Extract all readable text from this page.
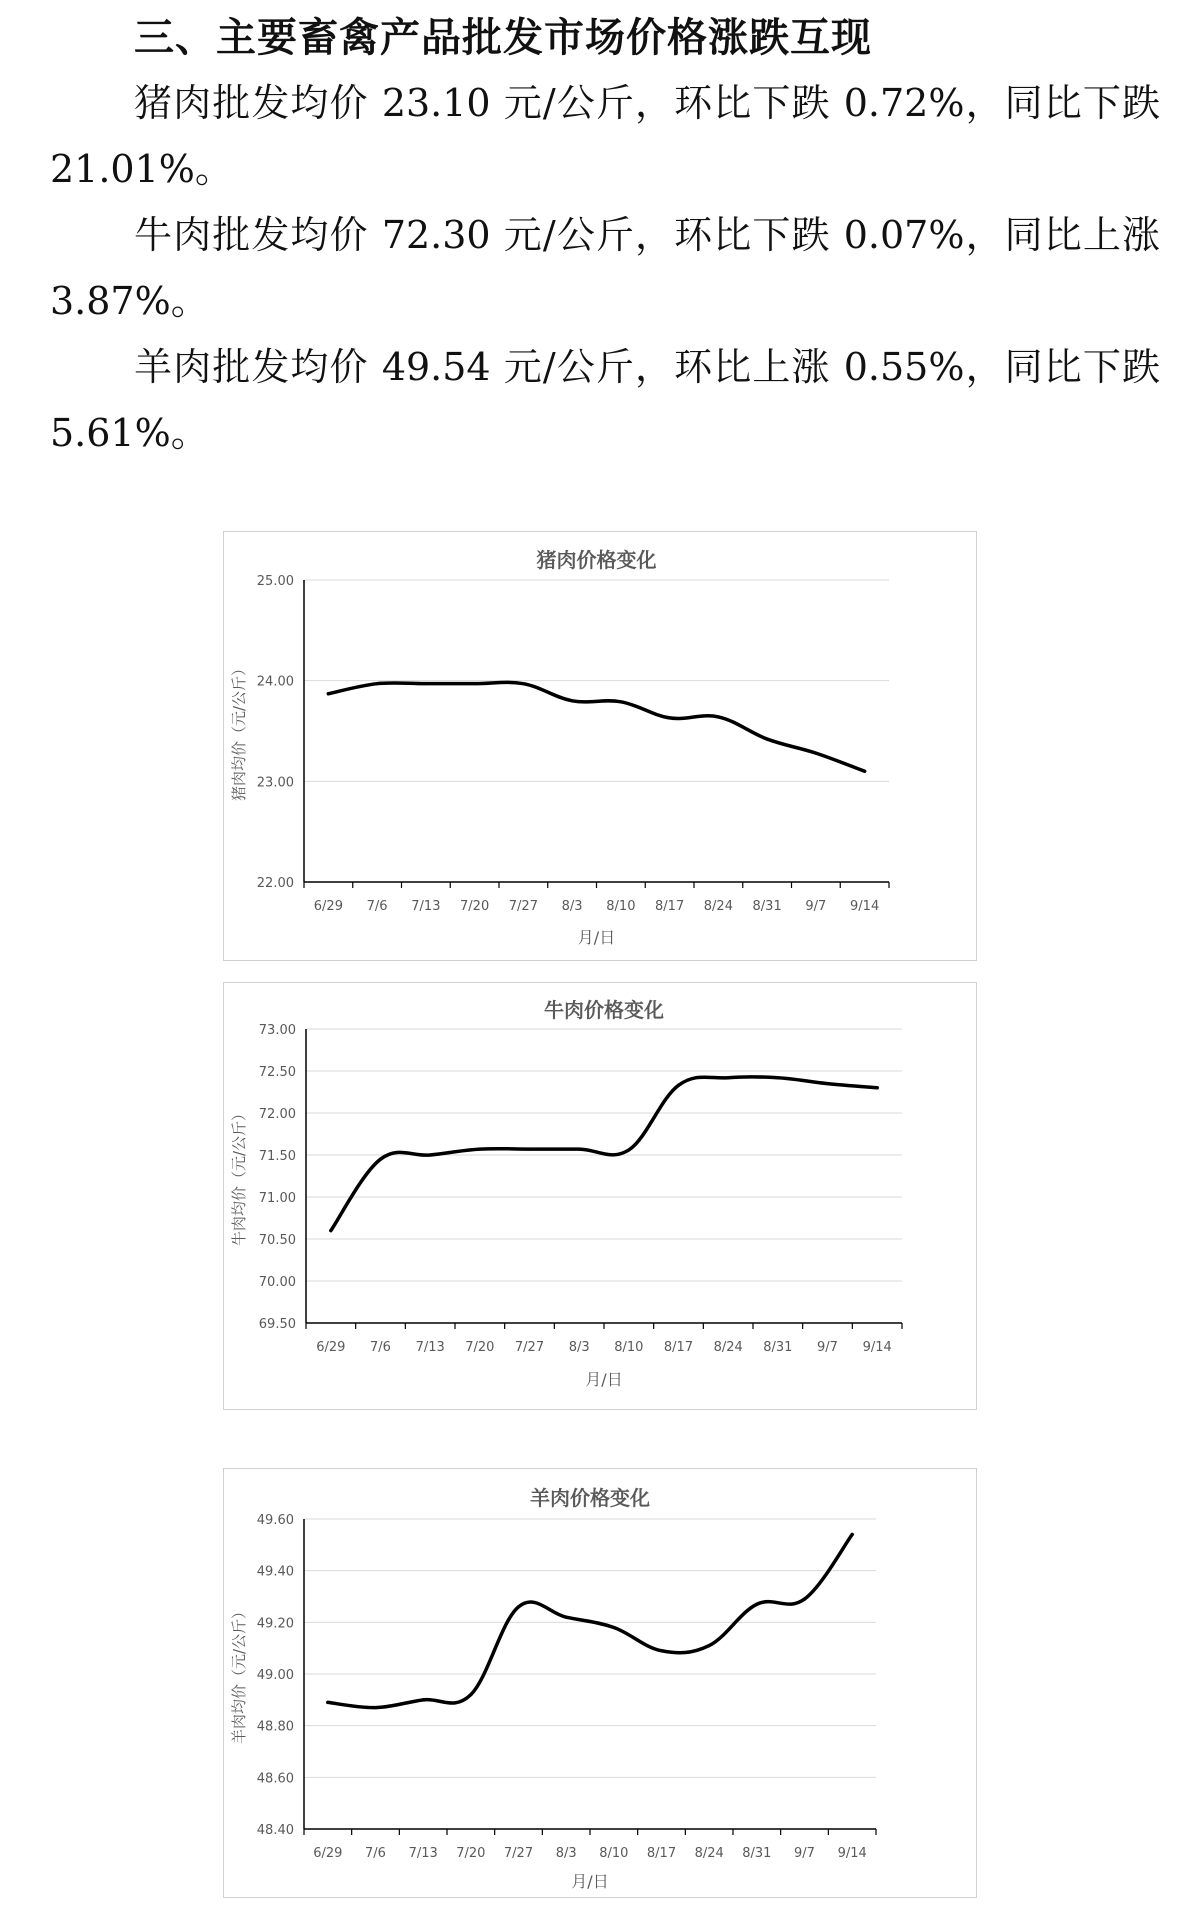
三、主要畜禽产品批发市场价格涨跌互现
猪肉批发均价 23.10 元/公斤，环比下跌 0.72%，同比下跌 21.01%。
牛肉批发均价 72.30 元/公斤，环比下跌 0.07%，同比上涨 3.87%。
羊肉批发均价 49.54 元/公斤，环比上涨 0.55%，同比下跌 5.61%。
猪肉价格变化
22.00
23.00
24.00
25.00
6/29 7/6 7/13 7/20 7/27 8/3 8/10 8/17 8/24 8/31 9/7 9/14
月/日
猪肉均价（元/公斤）
牛肉价格变化
69.50
70.00
70.50
71.00
71.50
72.00
72.50
73.00
6/29 7/6 7/13 7/20 7/27 8/3 8/10 8/17 8/24 8/31 9/7 9/14
月/日
牛肉均价（元/公斤）
羊肉价格变化
48.40
48.60
48.80
49.00
49.20
49.40
49.60
6/29 7/6 7/13 7/20 7/27 8/3 8/10 8/17 8/24 8/31 9/7 9/14
月/日
羊肉均价（元/公斤）
